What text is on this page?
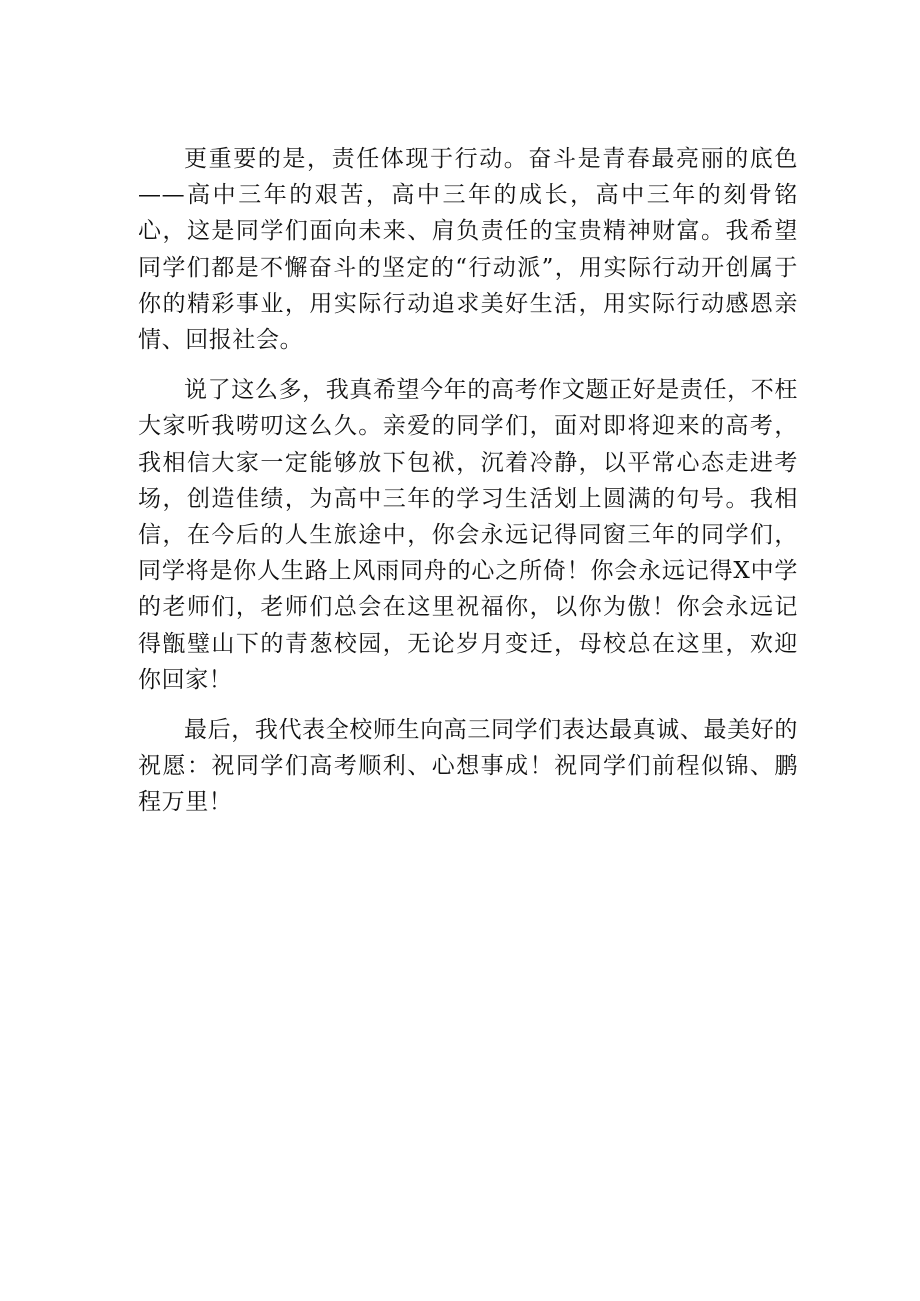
更重要的是，责任体现于行动。奋斗是青春最亮丽的底色——高中三年的艰苦，高中三年的成长，高中三年的刻骨铭心，这是同学们面向未来、肩负责任的宝贵精神财富。我希望同学们都是不懈奋斗的坚定的“行动派”，用实际行动开创属于你的精彩事业，用实际行动追求美好生活，用实际行动感恩亲情、回报社会。

说了这么多，我真希望今年的高考作文题正好是责任，不枉大家听我唠叨这么久。亲爱的同学们，面对即将迎来的高考，我相信大家一定能够放下包袱，沉着冷静，以平常心态走进考场，创造佳绩，为高中三年的学习生活划上圆满的句号。我相信，在今后的人生旅途中，你会永远记得同窗三年的同学们，同学将是你人生路上风雨同舟的心之所倚！你会永远记得X中学的老师们，老师们总会在这里祝福你，以你为傲！你会永远记得甑璧山下的青葱校园，无论岁月变迁，母校总在这里，欢迎你回家！

最后，我代表全校师生向高三同学们表达最真诚、最美好的祝愿：祝同学们高考顺利、心想事成！祝同学们前程似锦、鹏程万里！
